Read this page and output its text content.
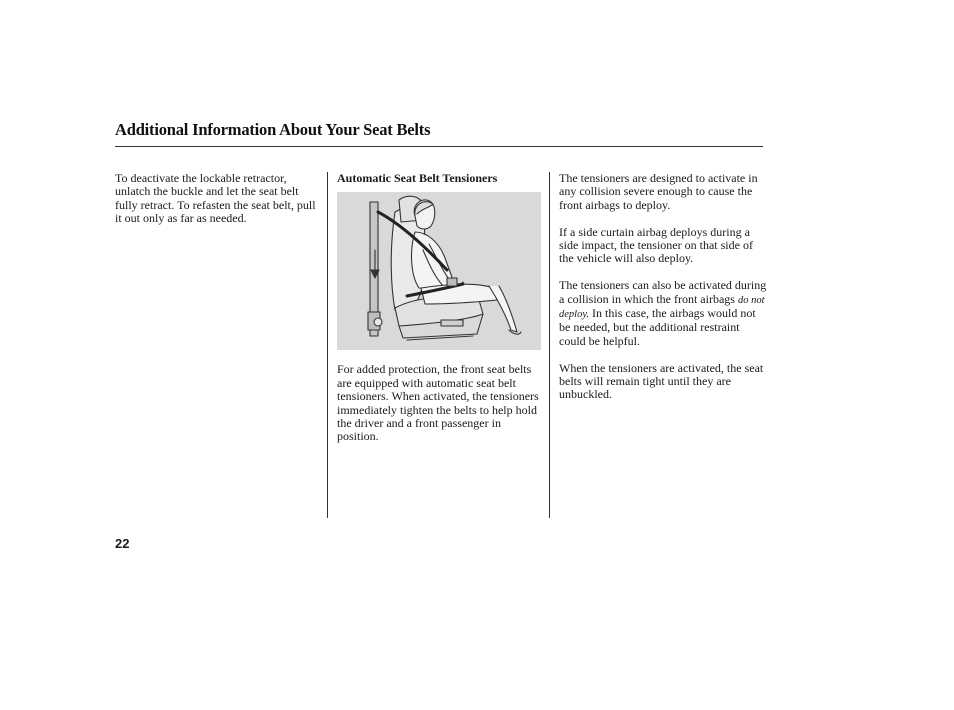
Additional Information About Your Seat Belts

To deactivate the lockable retractor, unlatch the buckle and let the seat belt fully retract. To refasten the seat belt, pull it out only as far as needed.

Automatic Seat Belt Tensioners

For added protection, the front seat belts are equipped with automatic seat belt tensioners. When activated, the tensioners immediately tighten the belts to help hold the driver and a front passenger in position.

The tensioners are designed to activate in any collision severe enough to cause the front airbags to deploy.

If a side curtain airbag deploys during a side impact, the tensioner on that side of the vehicle will also deploy.

The tensioners can also be activated during a collision in which the front airbags do not deploy. In this case, the airbags would not be needed, but the additional restraint could be helpful.

When the tensioners are activated, the seat belts will remain tight until they are unbuckled.

22
